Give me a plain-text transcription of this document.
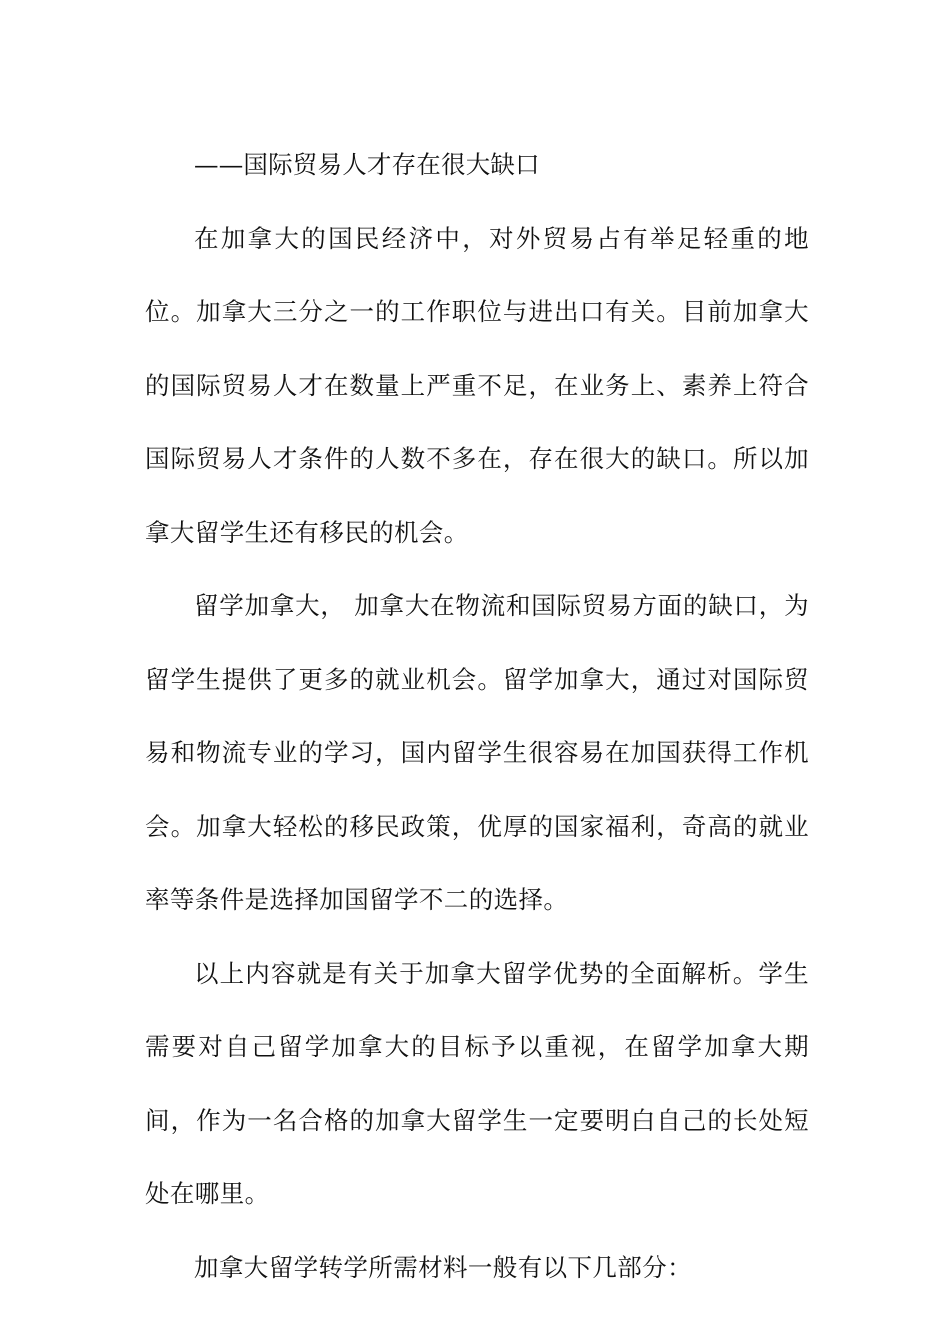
——国际贸易人才存在很大缺口

在加拿大的国民经济中，对外贸易占有举足轻重的地位。加拿大三分之一的工作职位与进出口有关。目前加拿大的国际贸易人才在数量上严重不足，在业务上、素养上符合国际贸易人才条件的人数不多在，存在很大的缺口。所以加拿大留学生还有移民的机会。

留学加拿大， 加拿大在物流和国际贸易方面的缺口，为留学生提供了更多的就业机会。留学加拿大，通过对国际贸易和物流专业的学习，国内留学生很容易在加国获得工作机会。加拿大轻松的移民政策，优厚的国家福利，奇高的就业率等条件是选择加国留学不二的选择。

以上内容就是有关于加拿大留学优势的全面解析。学生需要对自己留学加拿大的目标予以重视，在留学加拿大期间，作为一名合格的加拿大留学生一定要明白自己的长处短处在哪里。

加拿大留学转学所需材料一般有以下几部分：
